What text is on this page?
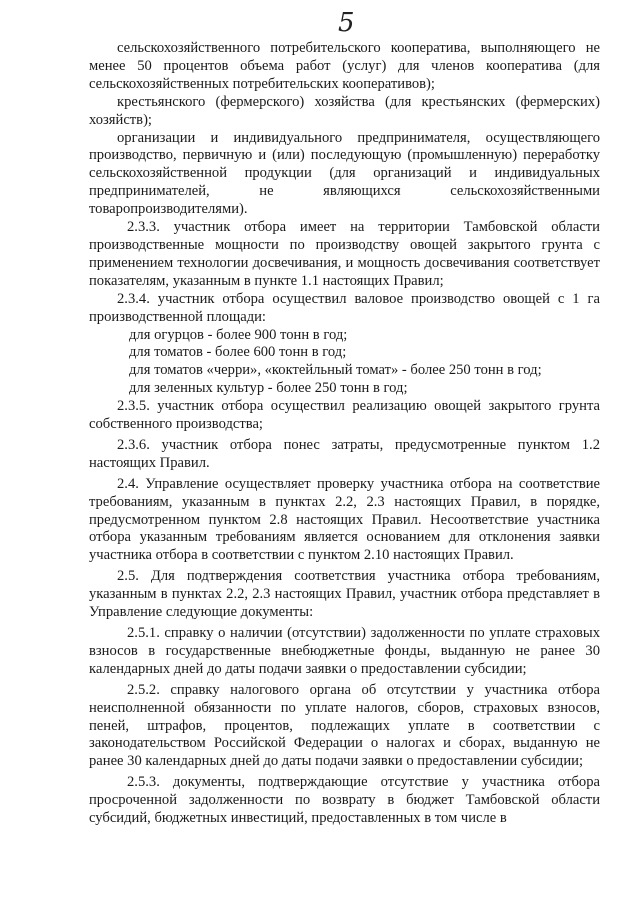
5

сельскохозяйственного потребительского кооператива, выполняющего не менее 50 процентов объема работ (услуг) для членов кооператива (для сельскохозяйственных потребительских кооперативов);

крестьянского (фермерского) хозяйства (для крестьянских (фермерских) хозяйств);

организации и индивидуального предпринимателя, осуществляющего производство, первичную и (или) последующую (промышленную) переработку сельскохозяйственной продукции (для организаций и индивидуальных предпринимателей, не являющихся сельскохозяйственными товаропроизводителями).

2.3.3. участник отбора имеет на территории Тамбовской области производственные мощности по производству овощей закрытого грунта с применением технологии досвечивания, и мощность досвечивания соответствует показателям, указанным в пункте 1.1 настоящих Правил;

2.3.4. участник отбора осуществил валовое производство овощей с 1 га производственной площади:

для огурцов - более 900 тонн в год;

для томатов - более 600 тонн в год;

для томатов «черри», «коктейльный томат» - более 250 тонн в год;

для зеленных культур - более 250 тонн в год;

2.3.5. участник отбора осуществил реализацию овощей закрытого грунта собственного производства;

2.3.6. участник отбора понес затраты, предусмотренные пунктом 1.2 настоящих Правил.

2.4. Управление осуществляет проверку участника отбора на соответствие требованиям, указанным в пунктах 2.2, 2.3 настоящих Правил, в порядке, предусмотренном пунктом 2.8 настоящих Правил. Несоответствие участника отбора указанным требованиям является основанием для отклонения заявки участника отбора в соответствии с пунктом 2.10 настоящих Правил.

2.5. Для подтверждения соответствия участника отбора требованиям, указанным в пунктах 2.2, 2.3 настоящих Правил, участник отбора представляет в Управление следующие документы:

2.5.1. справку о наличии (отсутствии) задолженности по уплате страховых взносов в государственные внебюджетные фонды, выданную не ранее 30 календарных дней до даты подачи заявки о предоставлении субсидии;

2.5.2. справку налогового органа об отсутствии у участника отбора неисполненной обязанности по уплате налогов, сборов, страховых взносов, пеней, штрафов, процентов, подлежащих уплате в соответствии с законодательством Российской Федерации о налогах и сборах, выданную не ранее 30 календарных дней до даты подачи заявки о предоставлении субсидии;

2.5.3. документы, подтверждающие отсутствие у участника отбора просроченной задолженности по возврату в бюджет Тамбовской области субсидий, бюджетных инвестиций, предоставленных в том числе в
